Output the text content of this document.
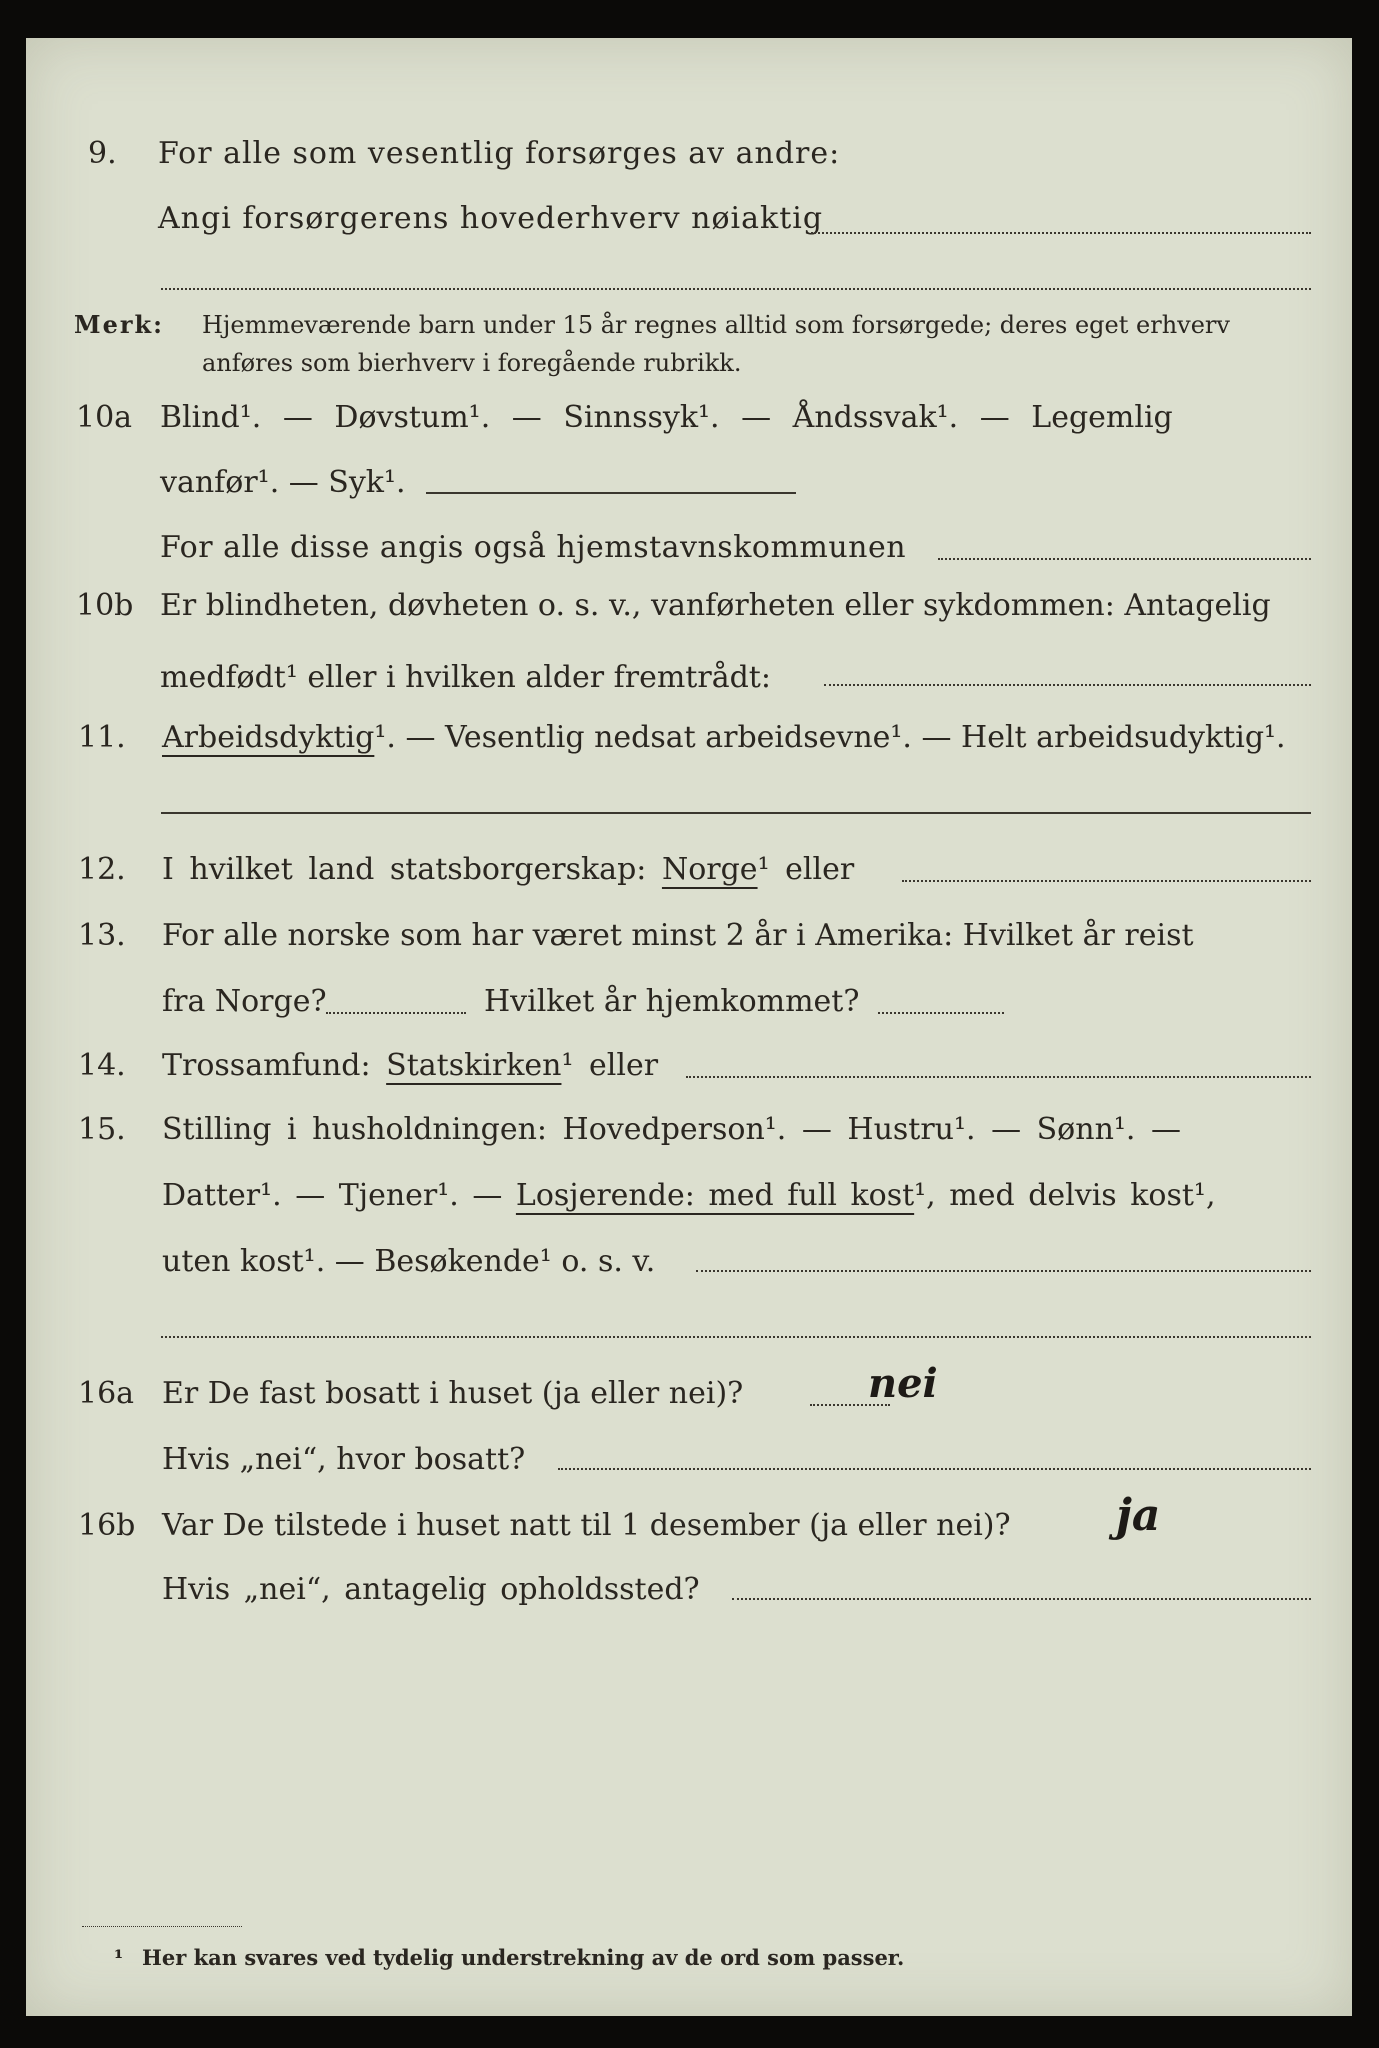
9.	For alle som vesentlig forsørges av andre:
Angi forsørgerens hovederhverv nøiaktig
Merk: Hjemmeværende barn under 15 år regnes alltid som forsørgede; deres eget erhverv
anføres som bierhverv i foregående rubrikk.
10a Blind¹. — Døvstum¹. — Sinnssyk¹. — Åndssvak¹. — Legemlig
vanfør¹. — Syk¹.
For alle disse angis også hjemstavnskommunen
10b Er blindheten, døvheten o. s. v., vanførheten eller sykdommen: Antagelig
medfødt¹ eller i hvilken alder fremtrådt:
11.	Arbeidsdyktig¹. — Vesentlig nedsat arbeidsevne¹. — Helt arbeidsudyktig¹.
12.	I hvilket land statsborgerskap: Norge¹ eller
13.	For alle norske som har været minst 2 år i Amerika: Hvilket år reist
fra Norge?	Hvilket år hjemkommet?
14.	Trossamfund: Statskirken¹ eller
15.	Stilling i husholdningen: Hovedperson¹. — Hustru¹. — Sønn¹. —
Datter¹. — Tjener¹. — Losjerende: med full kost¹, med delvis kost¹,
uten kost¹. — Besøkende¹ o. s. v.
16a Er De fast bosatt i huset (ja eller nei)?	nei
Hvis „nei“, hvor bosatt?
16b Var De tilstede i huset natt til 1 desember (ja eller nei)? ja
Hvis „nei“, antagelig opholdssted?
¹ Her kan svares ved tydelig understrekning av de ord som passer.
